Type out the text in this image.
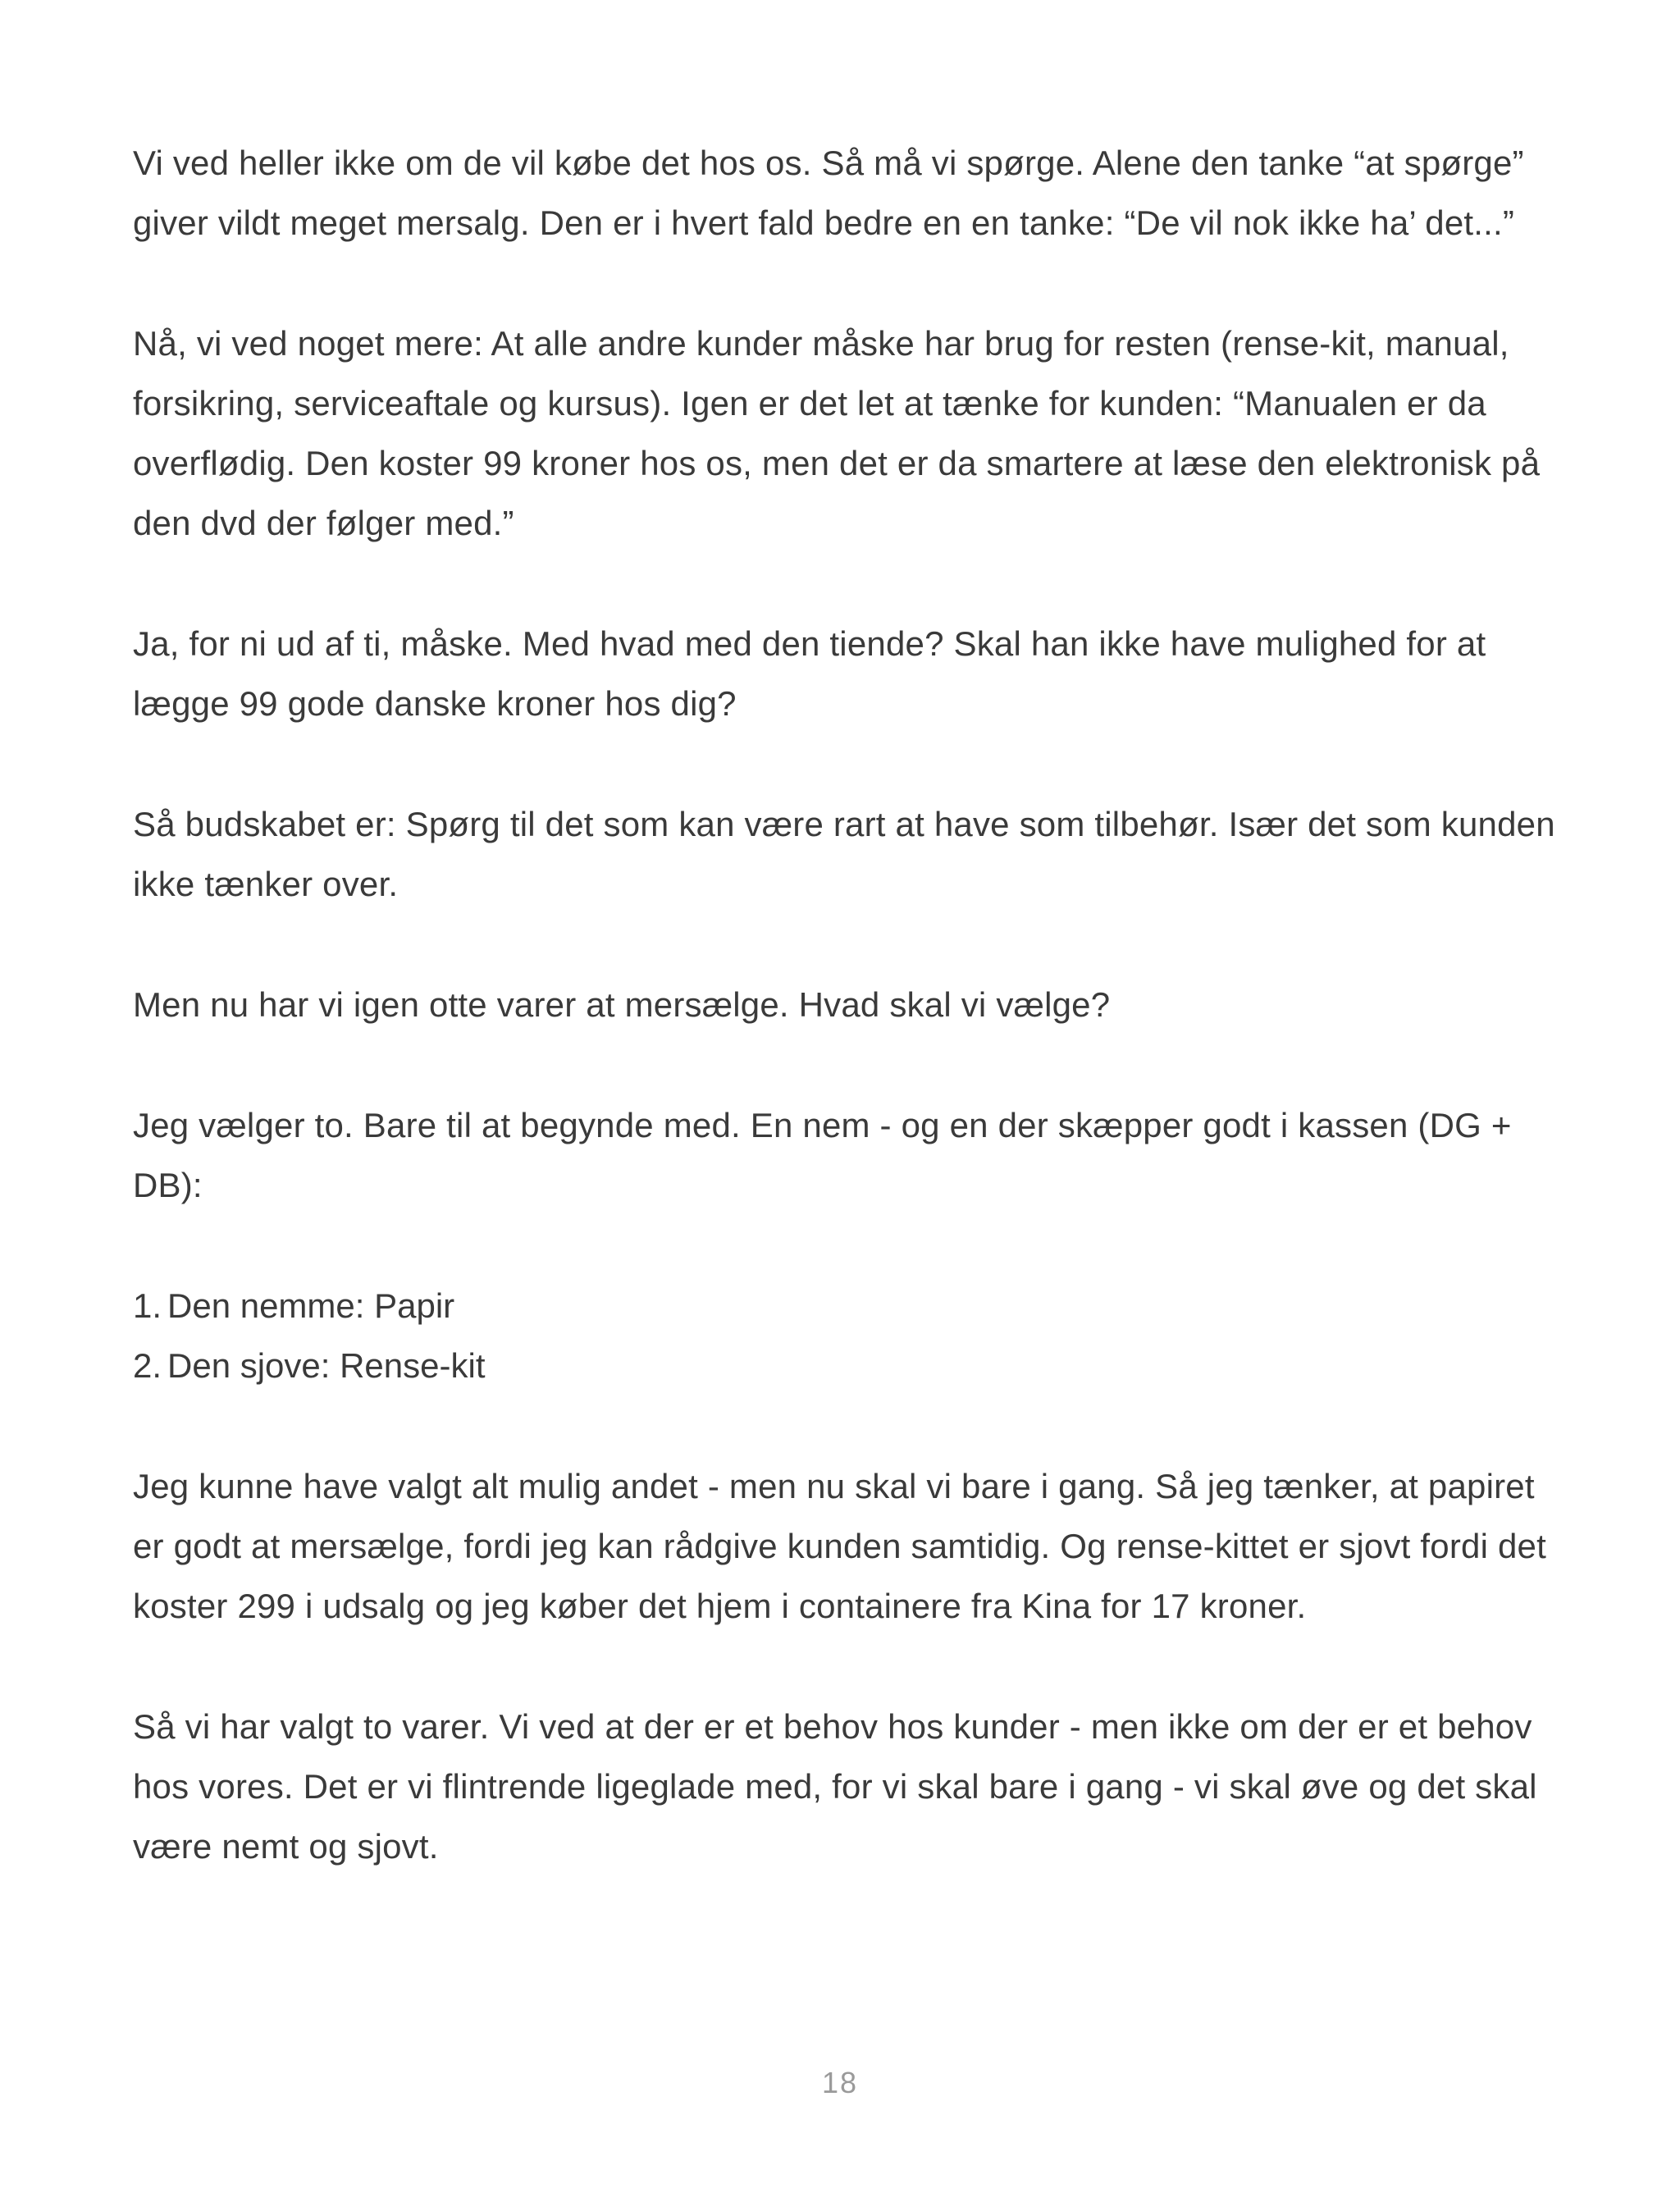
Vi ved heller ikke om de vil købe det hos os. Så må vi spørge. Alene den tanke “at spørge” giver vildt meget mersalg. Den er i hvert fald bedre en en tanke: “De vil nok ikke ha’ det...”

Nå, vi ved noget mere: At alle andre kunder måske har brug for resten (rense-kit, manual, forsikring, serviceaftale og kursus). Igen er det let at tænke for kunden: “Manualen er da overflødig. Den koster 99 kroner hos os, men det er da smartere at læse den elektronisk på den dvd der følger med.”

Ja, for ni ud af ti, måske. Med hvad med den tiende? Skal han ikke have mulighed for at lægge 99 gode danske kroner hos dig?

Så budskabet er: Spørg til det som kan være rart at have som tilbehør. Især det som kunden ikke tænker over.

Men nu har vi igen otte varer at mersælge. Hvad skal vi vælge?

Jeg vælger to. Bare til at begynde med. En nem - og en der skæpper godt i kassen (DG + DB):

1. Den nemme: Papir
2. Den sjove: Rense-kit

Jeg kunne have valgt alt mulig andet - men nu skal vi bare i gang. Så jeg tænker, at papiret er godt at mersælge, fordi jeg kan rådgive kunden samtidig. Og rense-kittet er sjovt fordi det koster 299 i udsalg og jeg køber det hjem i containere fra Kina for 17 kroner.

Så vi har valgt to varer. Vi ved at der er et behov hos kunder - men ikke om der er et behov hos vores. Det er vi flintrende ligeglade med, for vi skal bare i gang - vi skal øve og det skal være nemt og sjovt.

18
